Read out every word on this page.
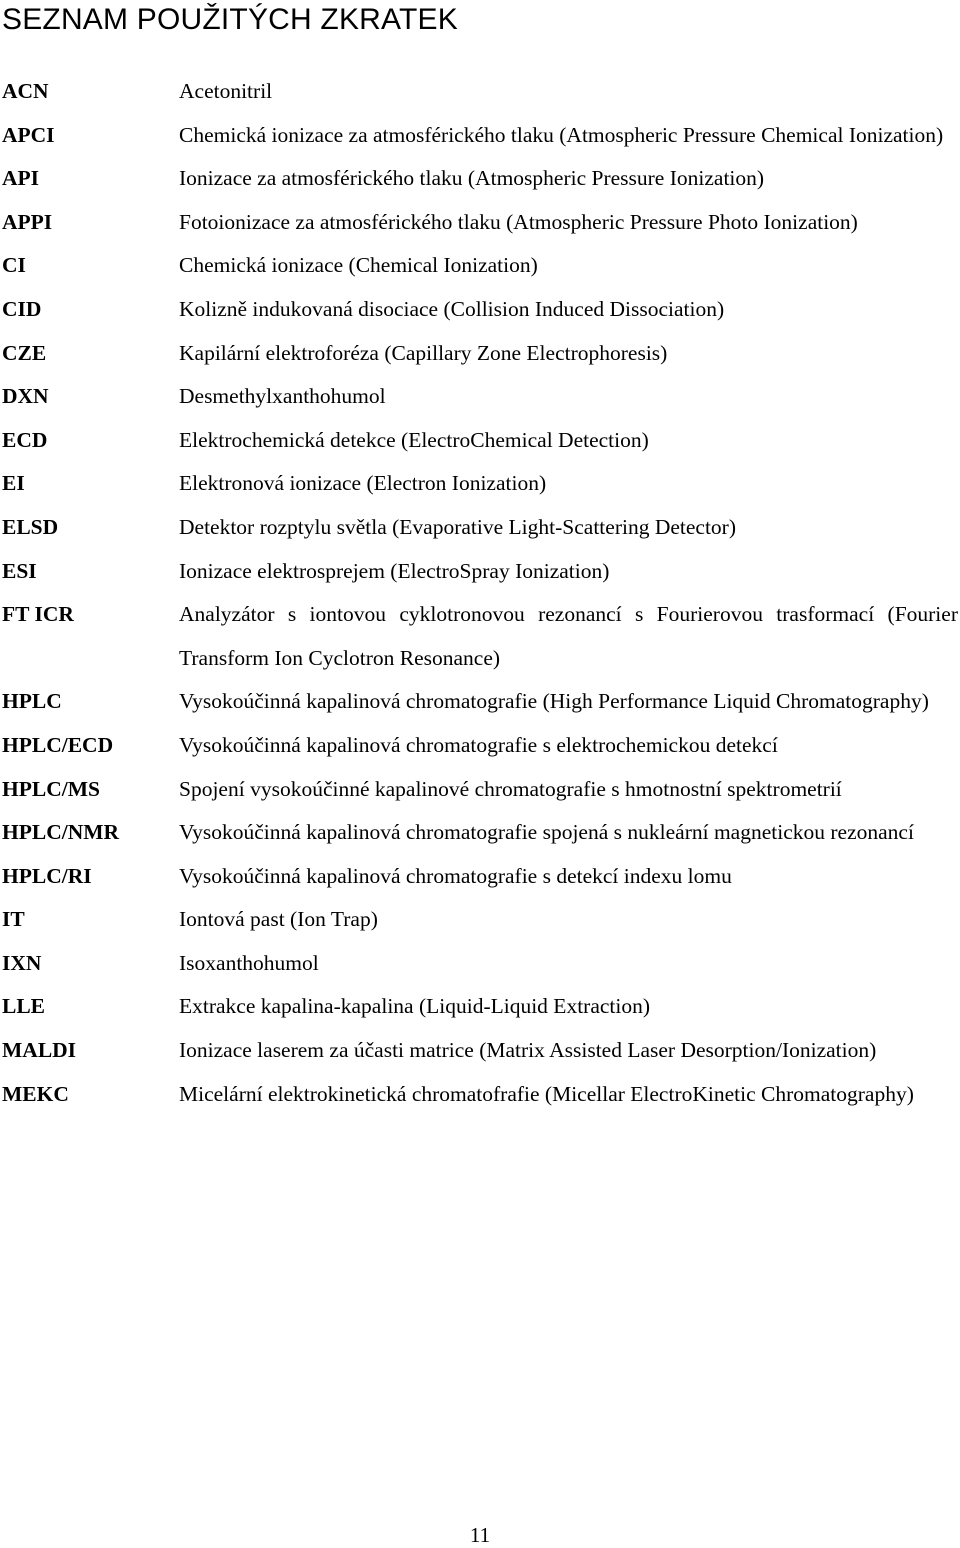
SEZNAM POUŽITÝCH ZKRATEK
ACN	Acetonitril
APCI	Chemická ionizace za atmosférického tlaku (Atmospheric Pressure Chemical Ionization)
API	Ionizace za atmosférického tlaku (Atmospheric Pressure Ionization)
APPI	Fotoionizace za atmosférického tlaku (Atmospheric Pressure Photo Ionization)
CI	Chemická ionizace (Chemical Ionization)
CID	Kolizně indukovaná disociace (Collision Induced Dissociation)
CZE	Kapilární elektroforéza (Capillary Zone Electrophoresis)
DXN	Desmethylxanthohumol
ECD	Elektrochemická detekce (ElectroChemical Detection)
EI	Elektronová ionizace (Electron Ionization)
ELSD	Detektor rozptylu světla (Evaporative Light-Scattering Detector)
ESI	Ionizace elektrosprejem (ElectroSpray Ionization)
FT ICR	Analyzátor s iontovou cyklotronovou rezonancí s Fourierovou trasformací (Fourier Transform Ion Cyclotron Resonance)
HPLC	Vysokoúčinná kapalinová chromatografie (High Performance Liquid Chromatography)
HPLC/ECD	Vysokoúčinná kapalinová chromatografie s elektrochemickou detekcí
HPLC/MS	Spojení vysokoúčinné kapalinové chromatografie s hmotnostní spektrometrií
HPLC/NMR	Vysokoúčinná kapalinová chromatografie spojená s nukleární magnetickou rezonancí
HPLC/RI	Vysokoúčinná kapalinová chromatografie s detekcí indexu lomu
IT	Iontová past (Ion Trap)
IXN	Isoxanthohumol
LLE	Extrakce kapalina-kapalina (Liquid-Liquid Extraction)
MALDI	Ionizace laserem za účasti matrice (Matrix Assisted Laser Desorption/Ionization)
MEKC	Micelární elektrokinetická chromatofrafie (Micellar ElectroKinetic Chromatography)
11
